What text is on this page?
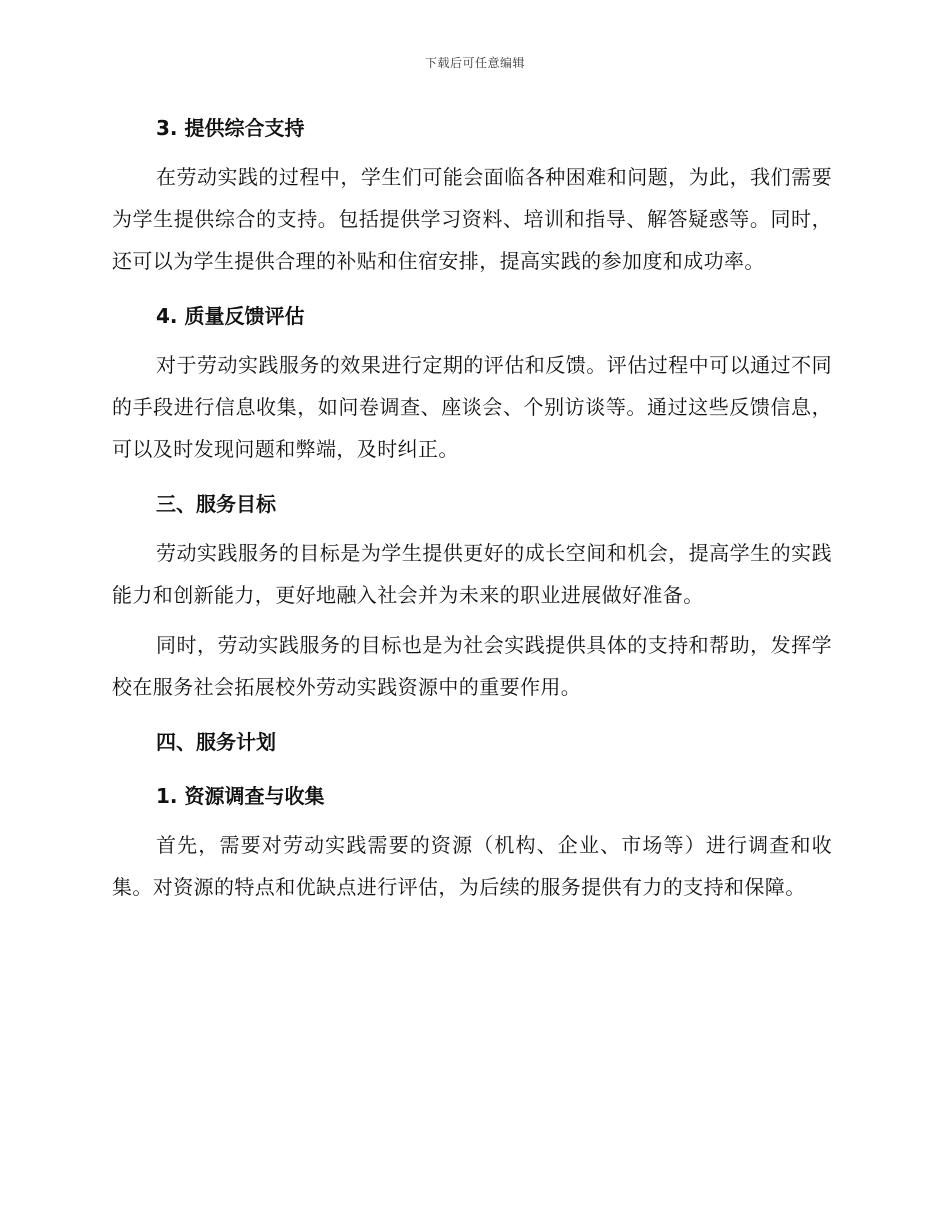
下载后可任意编辑
3. 提供综合支持

在劳动实践的过程中，学生们可能会面临各种困难和问题，为此，我们需要为学生提供综合的支持。包括提供学习资料、培训和指导、解答疑惑等。同时，还可以为学生提供合理的补贴和住宿安排，提高实践的参加度和成功率。

4. 质量反馈评估

对于劳动实践服务的效果进行定期的评估和反馈。评估过程中可以通过不同的手段进行信息收集，如问卷调查、座谈会、个别访谈等。通过这些反馈信息，可以及时发现问题和弊端，及时纠正。

三、服务目标

劳动实践服务的目标是为学生提供更好的成长空间和机会，提高学生的实践能力和创新能力，更好地融入社会并为未来的职业进展做好准备。

同时，劳动实践服务的目标也是为社会实践提供具体的支持和帮助，发挥学校在服务社会拓展校外劳动实践资源中的重要作用。

四、服务计划
1. 资源调查与收集

首先，需要对劳动实践需要的资源（机构、企业、市场等）进行调查和收集。对资源的特点和优缺点进行评估，为后续的服务提供有力的支持和保障。
